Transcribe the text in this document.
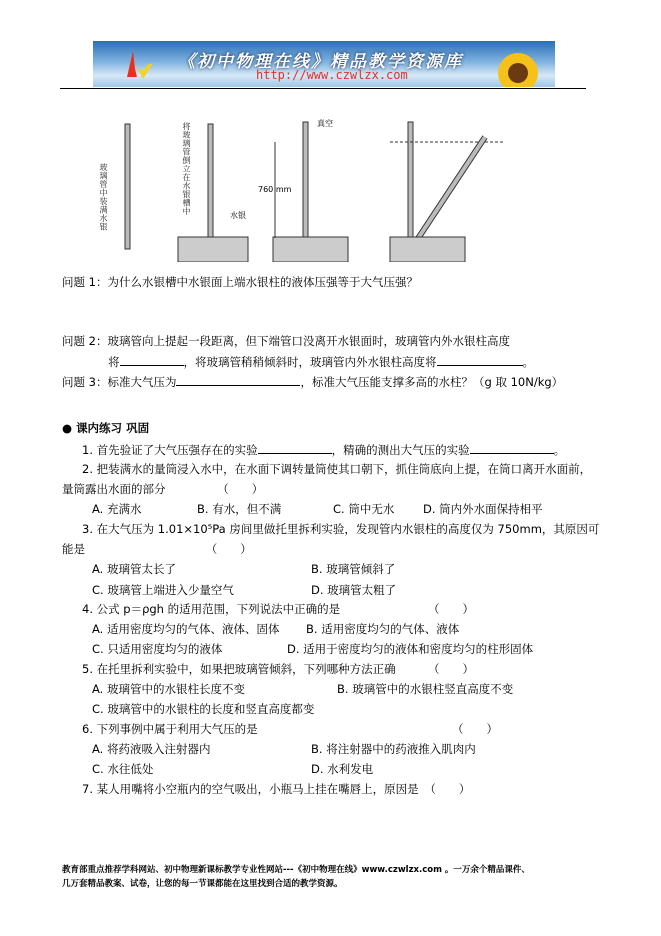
《初中物理在线》精品教学资源库
http://www.czwlzx.com
真空
760 mm
水银
玻璃管中装满水银	将玻璃管倒立在水银槽中
问题 1：为什么水银槽中水银面上端水银柱的液体压强等于大气压强？
问题 2：玻璃管向上提起一段距离，但下端管口没离开水银面时，玻璃管内外水银柱高度
将	，将玻璃管稍稍倾斜时，玻璃管内外水银柱高度将	。
问题 3：标准大气压为	，标准大气压能支撑多高的水柱？（g 取 10N/kg）
● 课内练习 巩固
1. 首先验证了大气压强存在的实验	，精确的测出大气压的实验	。
2. 把装满水的量筒浸入水中，在水面下调转量筒使其口朝下，抓住筒底向上提，在筒口离开水面前，
量筒露出水面的部分　　　　　（　　）
A. 充满水	B. 有水，但不满	C. 筒中无水 D. 筒内外水面保持相平
3. 在大气压为 1.01×10⁵Pa 房间里做托里拆利实验，发现管内水银柱的高度仅为 750mm，其原因可
能是　　　　　　　　　　　（　　）
A. 玻璃管太长了	B. 玻璃管倾斜了
C. 玻璃管上端进入少量空气	D. 玻璃管太粗了
4. 公式 p＝ρgh 的适用范围，下列说法中正确的是	（　　）
A. 适用密度均匀的气体、液体、固体 B. 适用密度均匀的气体、液体
C. 只适用密度均匀的液体	D. 适用于密度均匀的液体和密度均匀的柱形固体
5. 在托里拆利实验中，如果把玻璃管倾斜，下列哪种方法正确	（　　）
A. 玻璃管中的水银柱长度不变	B. 玻璃管中的水银柱竖直高度不变
C. 玻璃管中的水银柱的长度和竖直高度都变
6. 下列事例中属于利用大气压的是	（　　）
A. 将药液吸入注射器内	B. 将注射器中的药液推入肌肉内
C. 水往低处	D. 水利发电
7. 某人用嘴将小空瓶内的空气吸出，小瓶马上挂在嘴唇上，原因是　（　　）
教育部重点推荐学科网站、初中物理新课标教学专业性网站---《初中物理在线》www.czwlzx.com 。一万余个精品课件、
几万套精品教案、试卷，让您的每一节课都能在这里找到合适的教学资源。
